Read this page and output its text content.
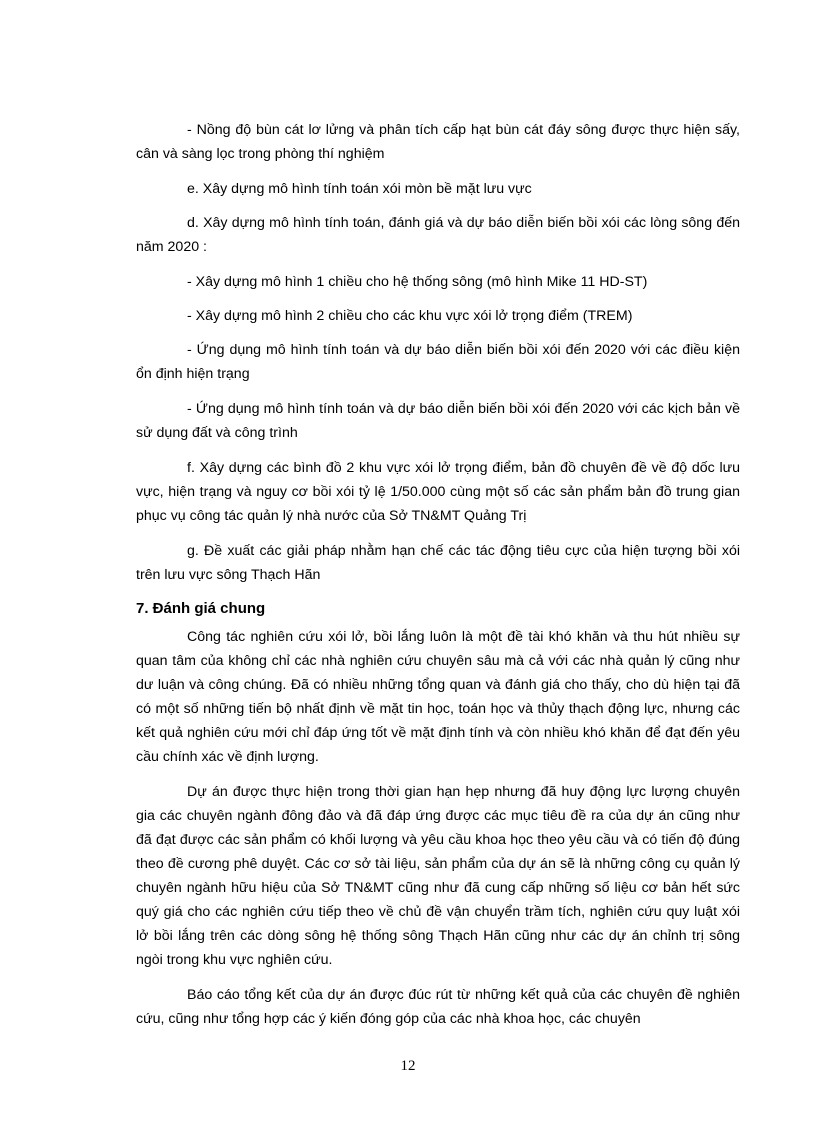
- Nồng độ bùn cát lơ lửng và phân tích cấp hạt bùn cát đáy sông được thực hiện sấy, cân và sàng lọc trong phòng thí nghiệm

e. Xây dựng mô hình tính toán xói mòn bề mặt lưu vực

d. Xây dựng mô hình tính toán, đánh giá và dự báo diễn biến bồi xói các lòng sông đến năm 2020 :

- Xây dựng mô hình 1 chiều cho hệ thống sông (mô hình Mike 11 HD-ST)

- Xây dựng mô hình 2 chiều cho các khu vực xói lở trọng điểm (TREM)

- Ứng dụng mô hình tính toán và dự báo diễn biến bồi xói đến 2020 với các điều kiện ổn định hiện trạng

- Ứng dụng mô hình tính toán và dự báo diễn biến bồi xói đến 2020 với các kịch bản về sử dụng đất và công trình

f. Xây dựng các bình đồ 2 khu vực xói lở trọng điểm, bản đồ chuyên đề về độ dốc lưu vực, hiện trạng và nguy cơ bồi xói tỷ lệ 1/50.000 cùng một số các sản phẩm bản đồ trung gian phục vụ công tác quản lý nhà nước của Sở TN&MT Quảng Trị

g. Đề xuất các giải pháp nhằm hạn chế các tác động tiêu cực của hiện tượng bồi xói trên lưu vực sông Thạch Hãn

7. Đánh giá chung

Công tác nghiên cứu xói lở, bồi lắng luôn là một đề tài khó khăn và thu hút nhiều sự quan tâm của không chỉ các nhà nghiên cứu chuyên sâu mà cả với các nhà quản lý cũng như dư luận và công chúng. Đã có nhiều những tổng quan và đánh giá cho thấy, cho dù hiện tại đã có một số những tiến bộ nhất định về mặt tin học, toán học và thủy thạch động lực, nhưng các kết quả nghiên cứu mới chỉ đáp ứng tốt về mặt định tính và còn nhiều khó khăn để đạt đến yêu cầu chính xác về định lượng.

Dự án được thực hiện trong thời gian hạn hẹp nhưng đã huy động lực lượng chuyên gia các chuyên ngành đông đảo và đã đáp ứng được các mục tiêu đề ra của dự án cũng như đã đạt được các sản phẩm có khối lượng và yêu cầu khoa học theo yêu cầu và có tiến độ đúng theo đề cương phê duyệt. Các cơ sở tài liệu, sản phẩm của dự án sẽ là những công cụ quản lý chuyên ngành hữu hiệu của Sở TN&MT cũng như đã cung cấp những số liệu cơ bản hết sức quý giá cho các nghiên cứu tiếp theo về chủ đề vận chuyển trầm tích, nghiên cứu quy luật xói lở bồi lắng trên các dòng sông hệ thống sông Thạch Hãn cũng như các dự án chỉnh trị sông ngòi trong khu vực nghiên cứu.

Báo cáo tổng kết của dự án được đúc rút từ những kết quả của các chuyên đề nghiên cứu, cũng như tổng hợp các ý kiến đóng góp của các nhà khoa học, các chuyên

12
